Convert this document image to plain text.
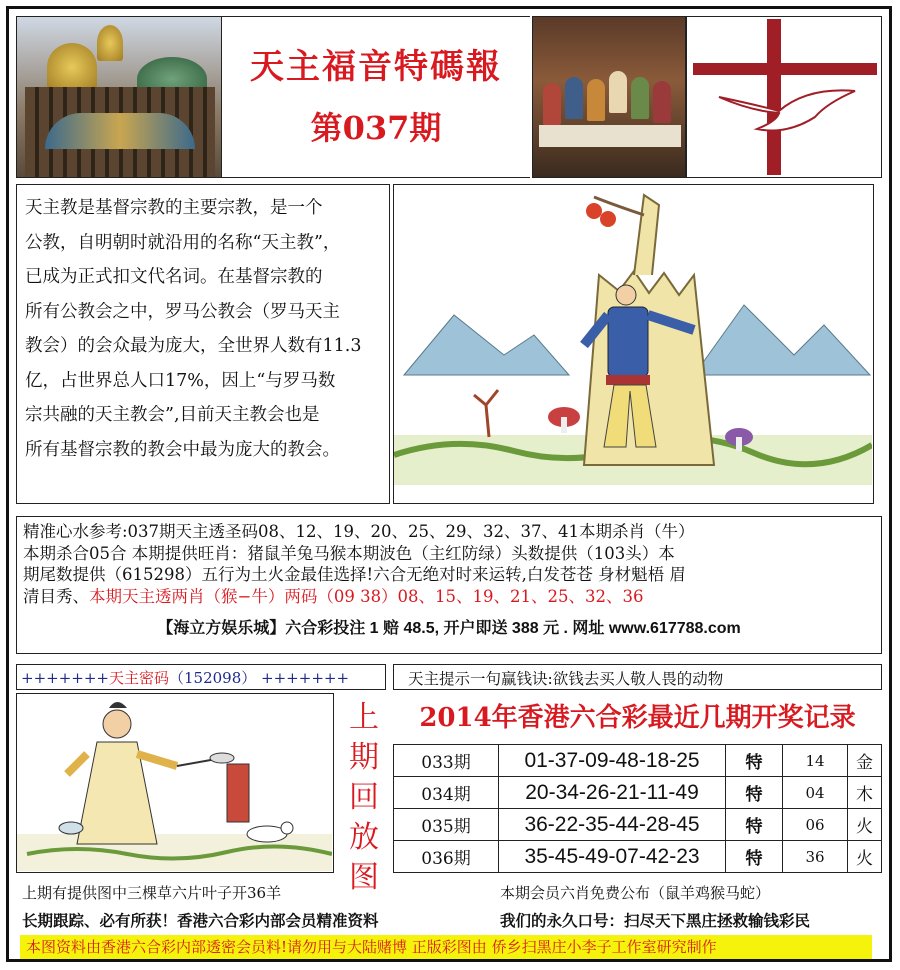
天主福音特碼報
第037期
天主教是基督宗教的主要宗教，是一个
公教，自明朝时就沿用的名称“天主教”，
已成为正式扣文代名词。在基督宗教的
所有公教会之中，罗马公教会（罗马天主
教会）的会众最为庞大，全世界人数有11.3
亿，占世界总人口17%，因上“与罗马数
宗共融的天主教会”,目前天主教会也是
所有基督宗教的教会中最为庞大的教会。
精准心水参考:037期天主透圣码08、12、19、20、25、29、32、37、41本期杀肖（牛）
本期杀合05合 本期提供旺肖：猪鼠羊兔马猴本期波色（主红防绿）头数提供（103头）本
期尾数提供（615298）五行为土火金最佳选择!六合无绝对时来运转,白发苍苍 身材魁梧 眉
清目秀、本期天主透两肖（猴−牛）两码（09 38）08、15、19、21、25、32、36
【海立方娱乐城】六合彩投注 1 赔 48.5, 开户即送 388 元 . 网址 www.617788.com
+++++++天主密码（152098） +++++++	天主提示一句赢钱诀:欲钱去买人敬人畏的动物
上
期
回
放
图
2014年香港六合彩最近几期开奖记录
033期	01-37-09-48-18-25	特	14	金
034期	20-34-26-21-11-49	特	04	木
035期	36-22-35-44-28-45	特	06	火
036期	35-45-49-07-42-23	特	36	火
上期有提供图中三棵草六片叶子开36羊	本期会员六肖免费公布（鼠羊鸡猴马蛇）
长期跟踪、必有所获！香港六合彩内部会员精准资料	我们的永久口号：扫尽天下黑庄拯救输钱彩民
本图资料由香港六合彩内部透密会员料!请勿用与大陆赌博 正版彩图由 侨乡扫黑庄小李子工作室研究制作
